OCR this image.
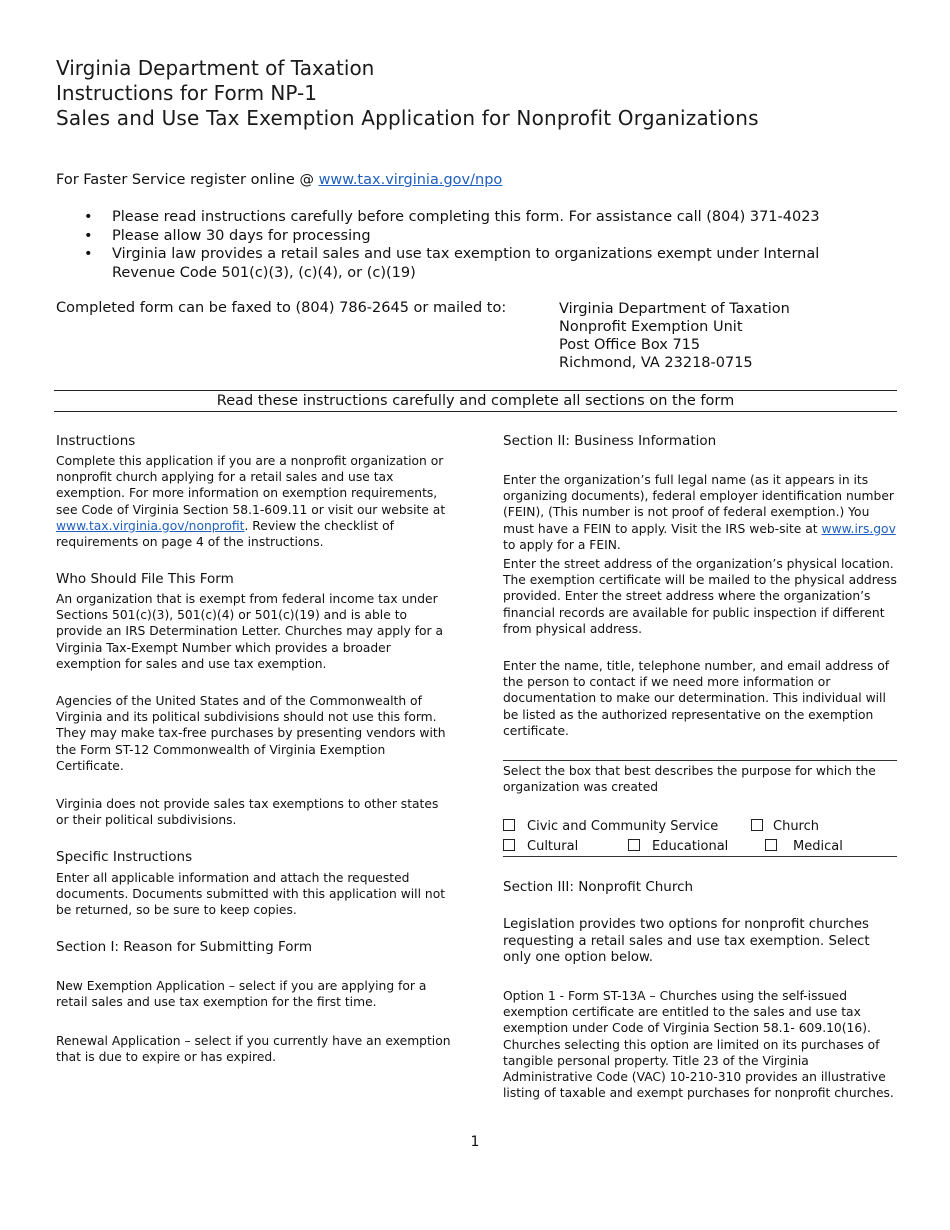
Virginia Department of Taxation
Instructions for Form NP-1
Sales and Use Tax Exemption Application for Nonprofit Organizations
For Faster Service register online @ www.tax.virginia.gov/npo
• Please read instructions carefully before completing this form. For assistance call (804) 371-4023
• Please allow 30 days for processing
• Virginia law provides a retail sales and use tax exemption to organizations exempt under Internal Revenue Code 501(c)(3), (c)(4), or (c)(19)
Completed form can be faxed to (804) 786-2645 or mailed to:	Virginia Department of Taxation
Nonprofit Exemption Unit
Post Office Box 715
Richmond, VA 23218-0715
Read these instructions carefully and complete all sections on the form
Instructions

Complete this application if you are a nonprofit organization or nonprofit church applying for a retail sales and use tax exemption. For more information on exemption requirements, see Code of Virginia Section 58.1-609.11 or visit our website at www.tax.virginia.gov/nonprofit. Review the checklist of requirements on page 4 of the instructions.

Who Should File This Form

An organization that is exempt from federal income tax under Sections 501(c)(3), 501(c)(4) or 501(c)(19) and is able to provide an IRS Determination Letter. Churches may apply for a Virginia Tax-Exempt Number which provides a broader exemption for sales and use tax exemption.

Agencies of the United States and of the Commonwealth of Virginia and its political subdivisions should not use this form. They may make tax-free purchases by presenting vendors with the Form ST-12 Commonwealth of Virginia Exemption Certificate.

Virginia does not provide sales tax exemptions to other states or their political subdivisions.

Specific Instructions

Enter all applicable information and attach the requested documents. Documents submitted with this application will not be returned, so be sure to keep copies.

Section I: Reason for Submitting Form

New Exemption Application – select if you are applying for a retail sales and use tax exemption for the first time.

Renewal Application – select if you currently have an exemption that is due to expire or has expired.

Section II: Business Information

Enter the organization’s full legal name (as it appears in its organizing documents), federal employer identification number (FEIN), (This number is not proof of federal exemption.) You must have a FEIN to apply. Visit the IRS web-site at www.irs.gov to apply for a FEIN.

Enter the street address of the organization’s physical location. The exemption certificate will be mailed to the physical address provided. Enter the street address where the organization’s financial records are available for public inspection if different from physical address.

Enter the name, title, telephone number, and email address of the person to contact if we need more information or documentation to make our determination. This individual will be listed as the authorized representative on the exemption certificate.

Select the box that best describes the purpose for which the organization was created

Civic and Community Service	Church
Cultural	Educational	Medical
Section III: Nonprofit Church

Legislation provides two options for nonprofit churches requesting a retail sales and use tax exemption. Select only one option below.

Option 1 - Form ST-13A – Churches using the self-issued exemption certificate are entitled to the sales and use tax exemption under Code of Virginia Section 58.1- 609.10(16). Churches selecting this option are limited on its purchases of tangible personal property. Title 23 of the Virginia Administrative Code (VAC) 10-210-310 provides an illustrative listing of taxable and exempt purchases for nonprofit churches.

1
